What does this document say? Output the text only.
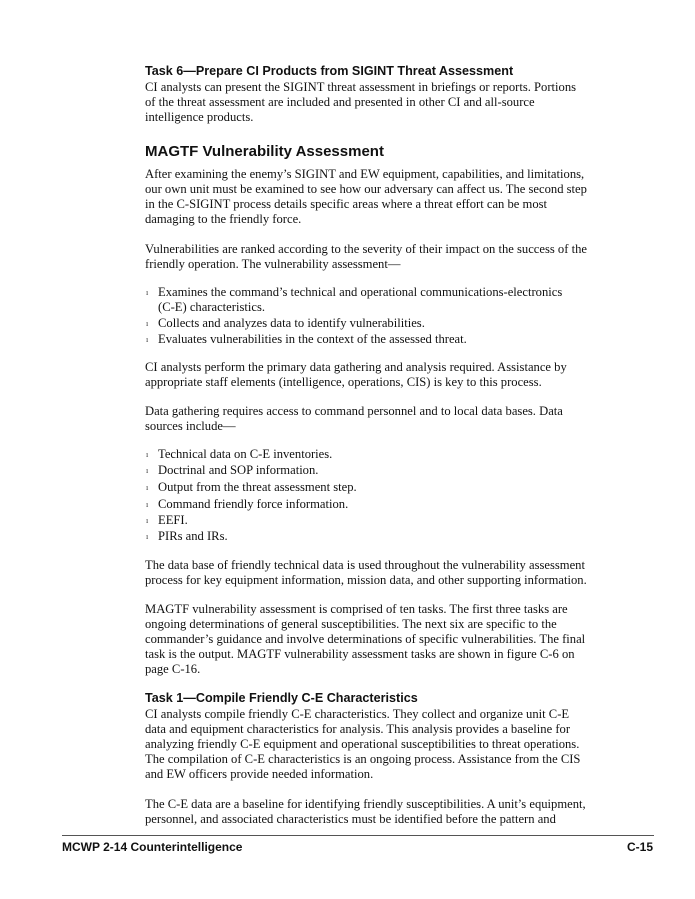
Task 6—Prepare CI Products from SIGINT Threat Assessment
CI analysts can present the SIGINT threat assessment in briefings or reports. Portions
of the threat assessment are included and presented in other CI and all-source
intelligence products.
After examining the enemy’s SIGINT and EW equipment, capabilities, and limitations,
our own unit must be examined to see how our adversary can affect us. The second step
in the C-SIGINT process details specific areas where a threat effort can be most
damaging to the friendly force.
Vulnerabilities are ranked according to the severity of their impact on the success of the
friendly operation. The vulnerability assessment—
Examines the command’s technical and operational communications-electronics
ı
(C-E) characteristics.
Collects and analyzes data to identify vulnerabilities.
ı
Evaluates vulnerabilities in the context of the assessed threat.
ı
CI analysts perform the primary data gathering and analysis required. Assistance by
appropriate staff elements (intelligence, operations, CIS) is key to this process.
Data gathering requires access to command personnel and to local data bases. Data
sources include—
Technical data on C-E inventories.
ı
Doctrinal and SOP information.
ı
Output from the threat assessment step.
ı
Command friendly force information.
ı
EEFI.
ı
PIRs and IRs.
ı
The data base of friendly technical data is used throughout the vulnerability assessment
process for key equipment information, mission data, and other supporting information.
MAGTF vulnerability assessment is comprised of ten tasks. The first three tasks are
ongoing determinations of general susceptibilities. The next six are specific to the
commander’s guidance and involve determinations of specific vulnerabilities. The final
task is the output. MAGTF vulnerability assessment tasks are shown in figure C-6 on
page C-16.
CI analysts compile friendly C-E characteristics. They collect and organize unit C-E
data and equipment characteristics for analysis. This analysis provides a baseline for
analyzing friendly C-E equipment and operational susceptibilities to threat operations.
The compilation of C-E characteristics is an ongoing process. Assistance from the CIS
and EW officers provide needed information.
The C-E data are a baseline for identifying friendly susceptibilities. A unit’s equipment,
personnel, and associated characteristics must be identified before the pattern and
MAGTF Vulnerability Assessment
Task 1—Compile Friendly C-E Characteristics
MCWP 2-14 Counterintelligence	C-15
